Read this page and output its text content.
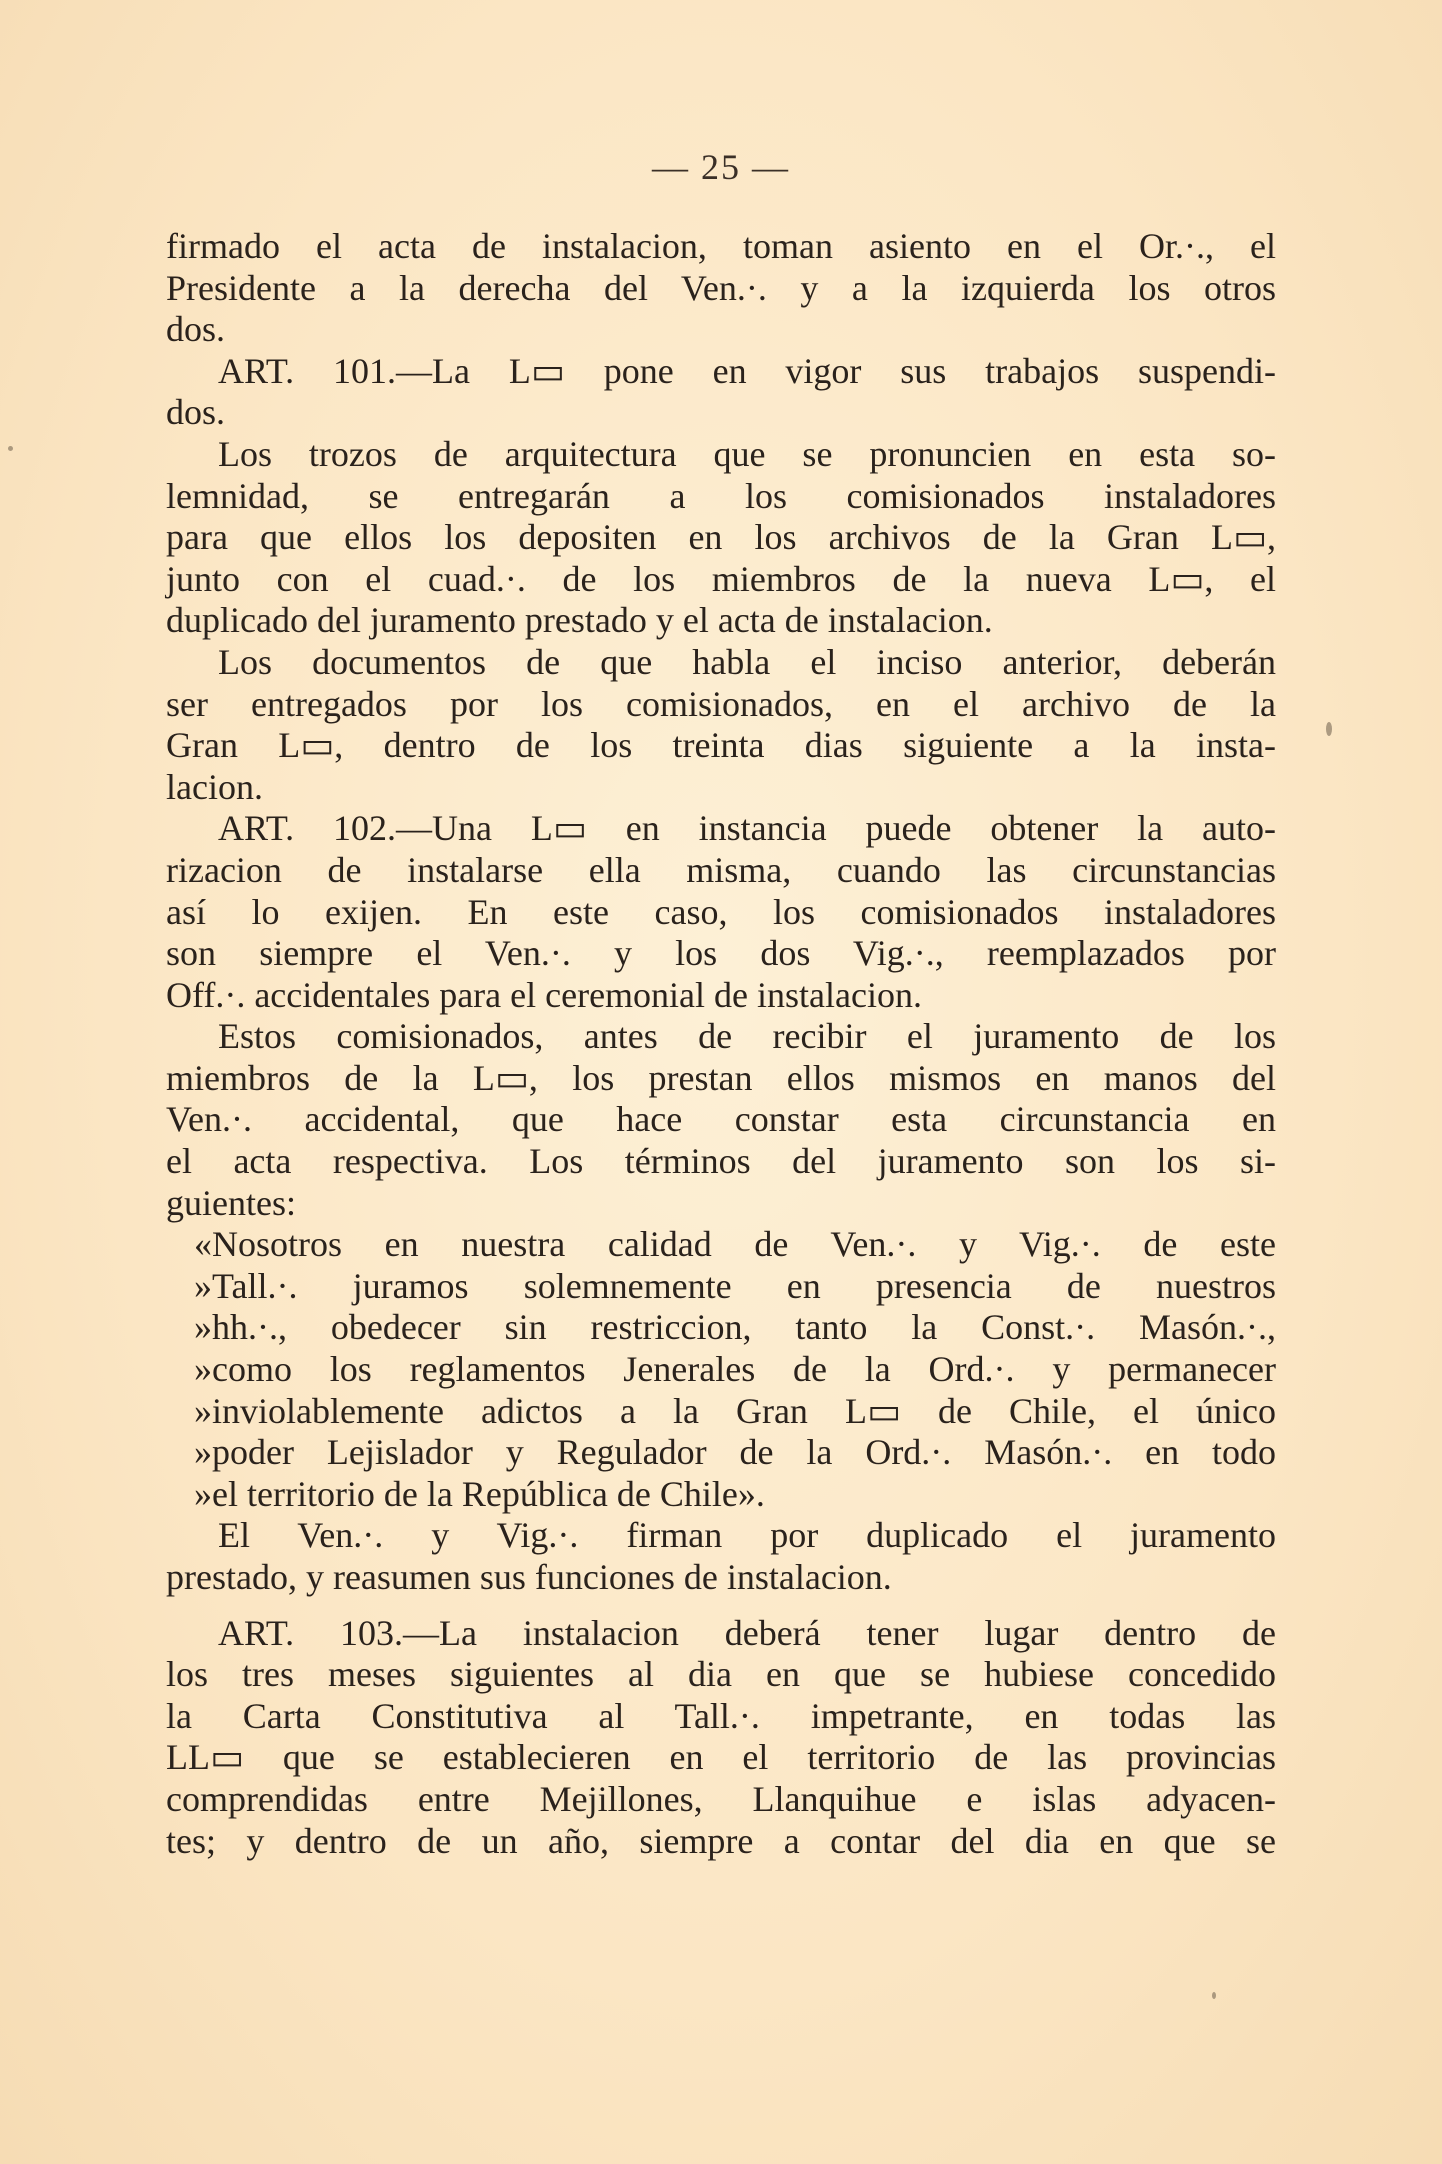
— 25 —
firmado el acta de instalacion, toman asiento en el Or.·., el
Presidente a la derecha del Ven.·. y a la izquierda los otros
dos.
ART. 101.—La L▭ pone en vigor sus trabajos suspendi-
dos.
Los trozos de arquitectura que se pronuncien en esta so-
lemnidad, se entregarán a los comisionados instaladores
para que ellos los depositen en los archivos de la Gran L▭,
junto con el cuad.·. de los miembros de la nueva L▭, el
duplicado del juramento prestado y el acta de instalacion.
Los documentos de que habla el inciso anterior, deberán
ser entregados por los comisionados, en el archivo de la
Gran L▭, dentro de los treinta dias siguiente a la insta-
lacion.
ART. 102.—Una L▭ en instancia puede obtener la auto-
rizacion de instalarse ella misma, cuando las circunstancias
así lo exijen. En este caso, los comisionados instaladores
son siempre el Ven.·. y los dos Vig.·., reemplazados por
Off.·. accidentales para el ceremonial de instalacion.
Estos comisionados, antes de recibir el juramento de los
miembros de la L▭, los prestan ellos mismos en manos del
Ven.·. accidental, que hace constar esta circunstancia en
el acta respectiva. Los términos del juramento son los si-
guientes:
«Nosotros en nuestra calidad de Ven.·. y Vig.·. de este
»Tall.·. juramos solemnemente en presencia de nuestros
»hh.·., obedecer sin restriccion, tanto la Const.·. Masón.·.,
»como los reglamentos Jenerales de la Ord.·. y permanecer
»inviolablemente adictos a la Gran L▭ de Chile, el único
»poder Lejislador y Regulador de la Ord.·. Masón.·. en todo
»el territorio de la República de Chile».
El Ven.·. y Vig.·. firman por duplicado el juramento
prestado, y reasumen sus funciones de instalacion.
ART. 103.—La instalacion deberá tener lugar dentro de
los tres meses siguientes al dia en que se hubiese concedido
la Carta Constitutiva al Tall.·. impetrante, en todas las
LL▭ que se establecieren en el territorio de las provincias
comprendidas entre Mejillones, Llanquihue e islas adyacen-
tes; y dentro de un año, siempre a contar del dia en que se
